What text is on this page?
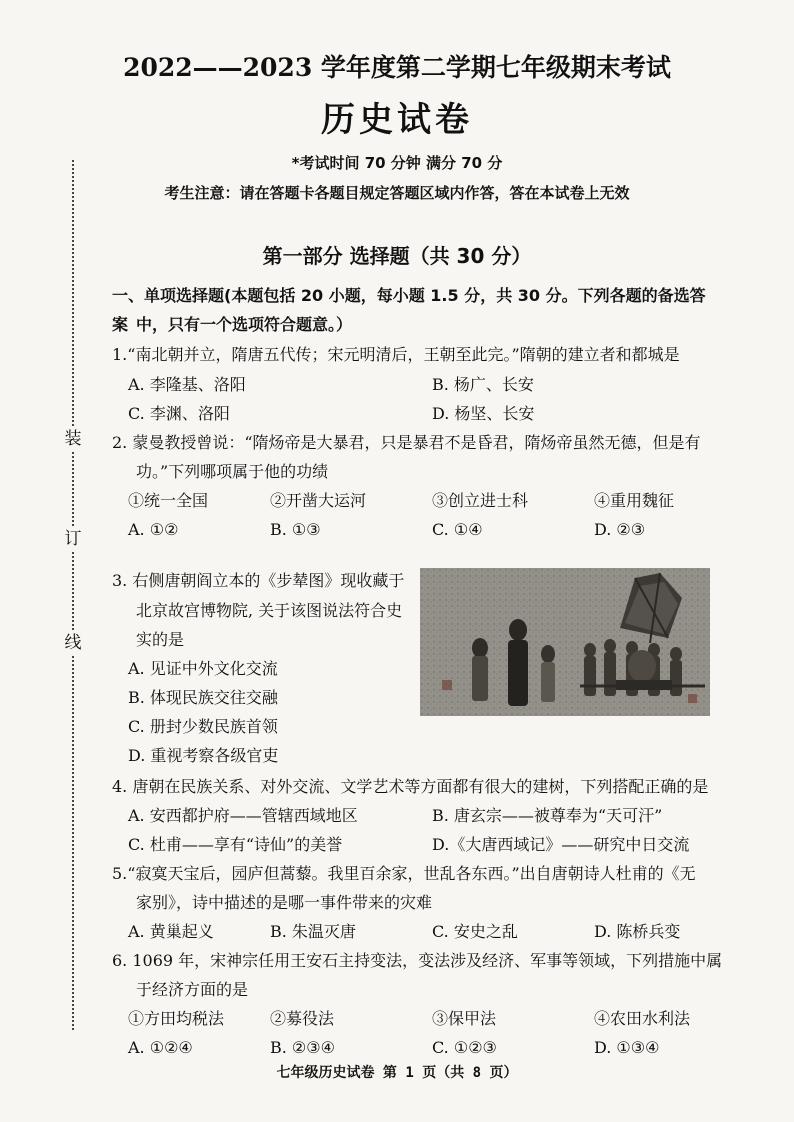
装
订
线
2022——2023 学年度第二学期七年级期末考试
历史试卷
*考试时间 70 分钟 满分 70 分
考生注意：请在答题卡各题目规定答题区域内作答，答在本试卷上无效
第一部分 选择题（共 30 分）
一、单项选择题(本题包括 20 小题，每小题 1.5 分，共 30 分。下列各题的备选答案 中，只有一个选项符合题意。）
1.“南北朝并立，隋唐五代传；宋元明清后，王朝至此完。”隋朝的建立者和都城是
A. 李隆基、洛阳	B. 杨广、长安
C. 李渊、洛阳	D. 杨坚、长安
2. 蒙曼教授曾说：“隋炀帝是大暴君，只是暴君不是昏君，隋炀帝虽然无德，但是有
功。”下列哪项属于他的功绩
①统一全国	②开凿大运河	③创立进士科	④重用魏征
A. ①②	B. ①③	C. ①④	D. ②③
3. 右侧唐朝阎立本的《步辇图》现收藏于
北京故宫博物院, 关于该图说法符合史
实的是
A. 见证中外文化交流
B. 体现民族交往交融
C. 册封少数民族首领
D. 重视考察各级官吏
4. 唐朝在民族关系、对外交流、文学艺术等方面都有很大的建树，下列搭配正确的是
A. 安西都护府——管辖西域地区	B. 唐玄宗——被尊奉为“天可汗”
C. 杜甫——享有“诗仙”的美誉	D.《大唐西域记》——研究中日交流
5.“寂寞天宝后，园庐但蒿藜。我里百余家，世乱各东西。”出自唐朝诗人杜甫的《无
家别》，诗中描述的是哪一事件带来的灾难
A. 黄巢起义	B. 朱温灭唐	C. 安史之乱	D. 陈桥兵变
6. 1069 年，宋神宗任用王安石主持变法，变法涉及经济、军事等领域，下列措施中属
于经济方面的是
①方田均税法	②募役法	③保甲法	④农田水利法
A. ①②④	B. ②③④	C. ①②③	D. ①③④
七年级历史试卷 第 1 页（共 8 页）
